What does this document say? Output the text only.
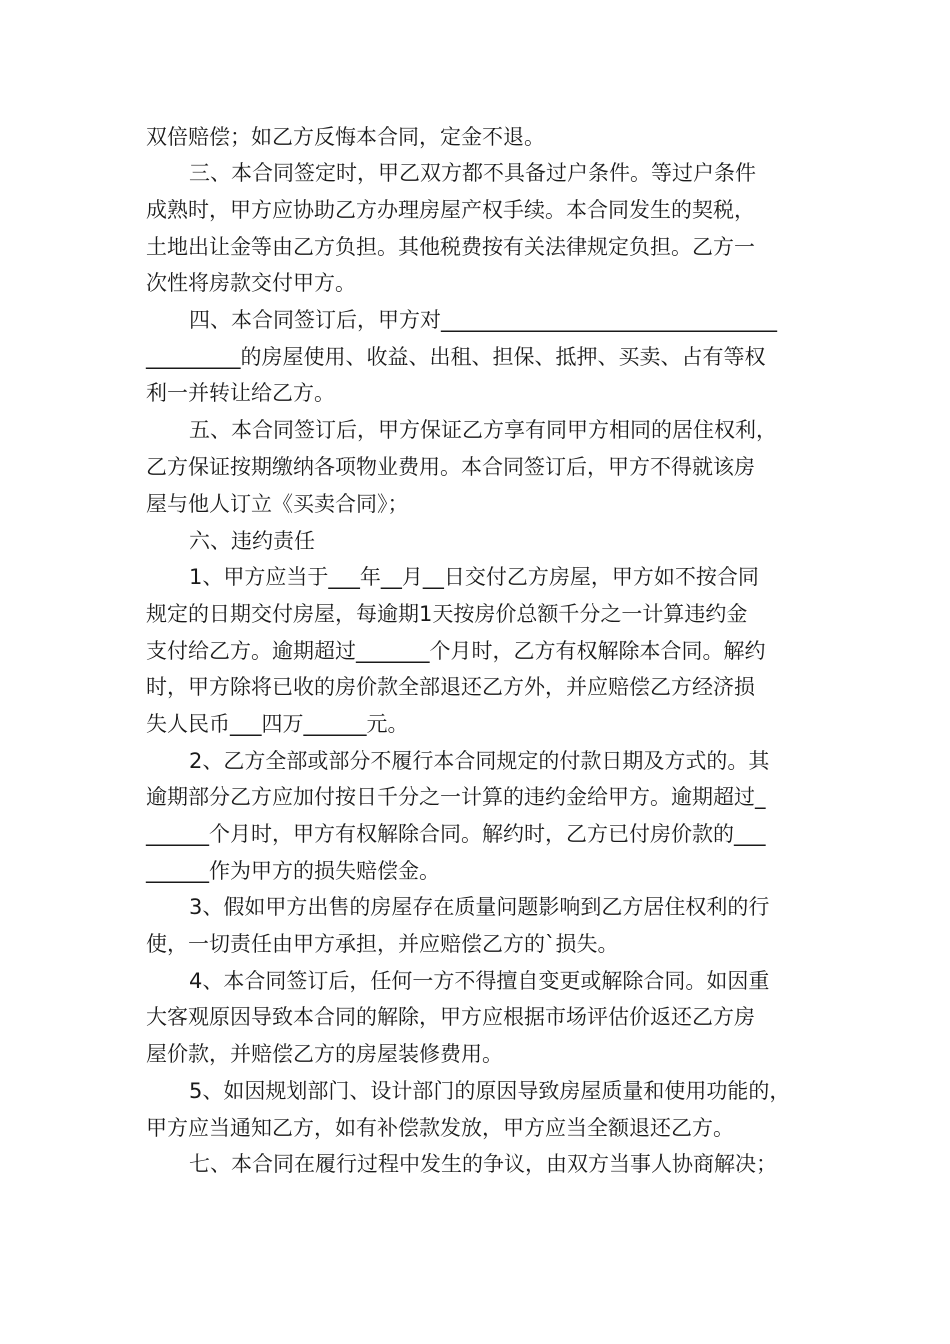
双倍赔偿；如乙方反悔本合同，定金不退。
三、本合同签定时，甲乙双方都不具备过户条件。等过户条件
成熟时，甲方应协助乙方办理房屋产权手续。本合同发生的契税，
土地出让金等由乙方负担。其他税费按有关法律规定负担。乙方一
次性将房款交付甲方。
四、本合同签订后，甲方对________________________________
_________的房屋使用、收益、出租、担保、抵押、买卖、占有等权
利一并转让给乙方。
五、本合同签订后，甲方保证乙方享有同甲方相同的居住权利，
乙方保证按期缴纳各项物业费用。本合同签订后，甲方不得就该房
屋与他人订立《买卖合同》；
六、违约责任
1、甲方应当于___年__月__日交付乙方房屋，甲方如不按合同
规定的日期交付房屋，每逾期1天按房价总额千分之一计算违约金
支付给乙方。逾期超过_______个月时，乙方有权解除本合同。解约
时，甲方除将已收的房价款全部退还乙方外，并应赔偿乙方经济损
失人民币___四万______元。
2、乙方全部或部分不履行本合同规定的付款日期及方式的。其
逾期部分乙方应加付按日千分之一计算的违约金给甲方。逾期超过_
______个月时，甲方有权解除合同。解约时，乙方已付房价款的___
______作为甲方的损失赔偿金。
3、假如甲方出售的房屋存在质量问题影响到乙方居住权利的行
使，一切责任由甲方承担，并应赔偿乙方的`损失。
4、本合同签订后，任何一方不得擅自变更或解除合同。如因重
大客观原因导致本合同的解除，甲方应根据市场评估价返还乙方房
屋价款，并赔偿乙方的房屋装修费用。
5、如因规划部门、设计部门的原因导致房屋质量和使用功能的，
甲方应当通知乙方，如有补偿款发放，甲方应当全额退还乙方。
七、本合同在履行过程中发生的争议，由双方当事人协商解决；
